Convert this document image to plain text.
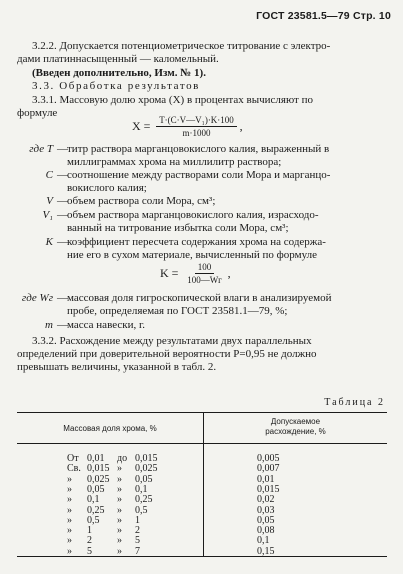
ГОСТ 23581.5—79 Стр. 10
3.2.2. Допускается потенциометрическое титрование с электро-
дами платиннасыщенный — каломельный.
(Введен дополнительно, Изм. № 1).
3.3. Обработка результатов
3.3.1. Массовую долю хрома (X) в процентах вычисляют по
формуле
$X = \frac{\text{T·(C·V—V₁)·K·100}}{m\cdot 1000}$ ,
где T — титр раствора марганцовокислого калия, выраженный в
миллиграммах хрома на миллилитр раствора;
C — соотношение между растворами соли Мора и марганцо-
вокислого калия;
V — объем раствора соли Мора, см³;
V₁ — объем раствора марганцовокислого калия, израсходо-
ванный на титрование избытка соли Мора, см³;
K — коэффициент пересчета содержания хрома на содержа-
ние его в сухом материале, вычисленный по формуле
$K = \frac{100}{100—Wг}$ ,
где Wг — массовая доля гигроскопической влаги в анализируемой
пробе, определяемая по ГОСТ 23581.1—79, %;
m — масса навески, г.
3.3.2. Расхождение между результатами двух параллельных
определений при доверительной вероятности P=0,95 не должно
превышать величины, указанной в табл. 2.
Таблица 2
Массовая доля хрома, %
Допускаемое
расхождение, %
От 0,01 до 0,015	0,005
Св. 0,015 » 0,025	0,007
» 0,025 » 0,05	0,01
» 0,05 » 0,1	0,015
» 0,1 » 0,25	0,02
» 0,25 » 0,5	0,03
» 0,5 » 1	0,05
» 1	» 2	0,08
» 2	» 5	0,1
» 5	» 7	0,15
